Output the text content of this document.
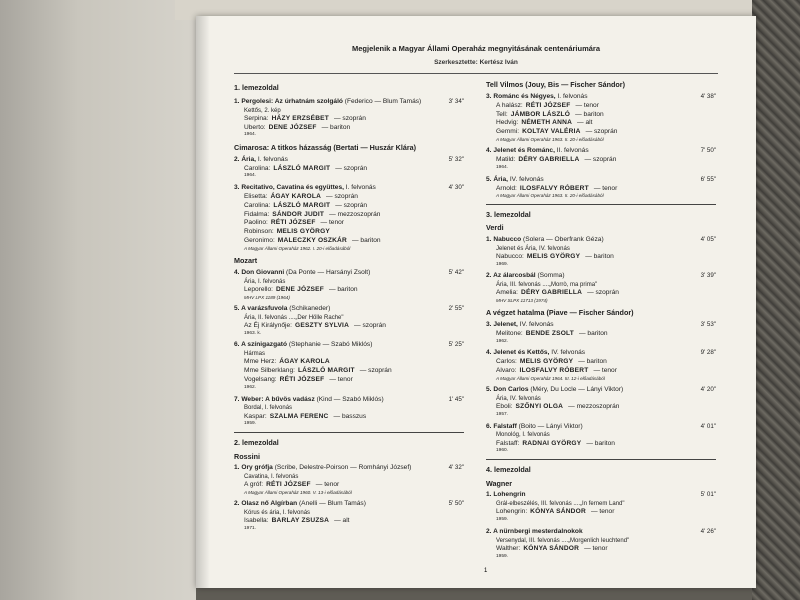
Megjelenik a Magyar Állami Operaház megnyitásának centenáriumára
Szerkesztette: Kertész Iván
1. lemezoldal
1. Pergolesi: Az úrhatnám szolgáló (Federico — Blum Tamás)	3' 34"
Kettős, 2. kép
Serpina: HÁZY ERZSÉBET — szoprán
Uberto: DENE JÓZSEF — bariton
1964.
Cimarosa: A titkos házasság (Bertati — Huszár Klára)
2. Ária, I. felvonás	5' 32"
Carolina: LÁSZLÓ MARGIT — szoprán
1964.
3. Recitativo, Cavatina és együttes, I. felvonás	4' 30"
Elisetta: ÁGAY KAROLA — szoprán
Carolina: LÁSZLÓ MARGIT — szoprán
Fidalma: SÁNDOR JUDIT — mezzoszoprán
Paolino: RÉTI JÓZSEF — tenor
Robinson: MELIS GYÖRGY
Geronimo: MALECZKY OSZKÁR — bariton
A Magyar Állami Operaház 1962. I. 20-i előadásából
Mozart
4. Don Giovanni (Da Ponte — Harsányi Zsolt)	5' 42"
Ária, I. felvonás
Leporello: DENE JÓZSEF — bariton
MHV LPX 1189 (1964)
5. A varázsfuvola (Schikaneder)	2' 55"
Ária, II. felvonás ....„Der Hölle Rache"
Az Éj Királynője: GESZTY SYLVIA — szoprán
1963. k.
6. A színigazgató (Stephanie — Szabó Miklós)	5' 25"
Hármas
Mme Herz: ÁGAY KAROLA
Mme Silberklang: LÁSZLÓ MARGIT — szoprán
Vogelsang: RÉTI JÓZSEF — tenor
1962.
7. Weber: A bűvös vadász (Kind — Szabó Miklós)	1' 45"
Bordal, I. felvonás
Kaspar: SZALMA FERENC — basszus
1959.
2. lemezoldal
Rossini
1. Ory grófja (Scribe, Delestre-Poirson — Romhányi József)	4' 32"
Cavatina, I. felvonás
A gróf: RÉTI JÓZSEF — tenor
A Magyar Állami Operaház 1960. V. 13-i előadásából
2. Olasz nő Algírban (Anelli — Blum Tamás)	5' 50"
Kórus és ária, I. felvonás
Isabella: BARLAY ZSUZSA — alt
1971.
Tell Vilmos (Jouy, Bis — Fischer Sándor)
3. Románc és Négyes, I. felvonás	4' 38"
A halász: RÉTI JÓZSEF — tenor
Tell: JÁMBOR LÁSZLÓ — bariton
Hedvig: NÉMETH ANNA — alt
Gemmi: KOLTAY VALÉRIA — szoprán
A Magyar Állami Operaház 1963. II. 20-i előadásából
4. Jelenet és Románc, II. felvonás	7' 50"
Matild: DÉRY GABRIELLA — szoprán
1964.
5. Ária, IV. felvonás	6' 55"
Arnold: ILOSFALVY RÓBERT — tenor
A Magyar Állami Operaház 1963. II. 20-i előadásából
3. lemezoldal
Verdi
1. Nabucco (Solera — Oberfrank Géza)	4' 05"
Jelenet és Ária, IV. felvonás
Nabucco: MELIS GYÖRGY — bariton
1969.
2. Az álarcosbál (Somma)	3' 39"
Ária, III. felvonás ....„Morrò, ma prima"
Amelia: DÉRY GABRIELLA — szoprán
MHV SLPX 11713 (1974)
A végzet hatalma (Piave — Fischer Sándor)
3. Jelenet, IV. felvonás	3' 53"
Melitone: BENDE ZSOLT — bariton
1962.
4. Jelenet és Kettős, IV. felvonás	9' 28"
Carlos: MELIS GYÖRGY — bariton
Alvaro: ILOSFALVY RÓBERT — tenor
A Magyar Állami Operaház 1964. III. 12-i előadásából
5. Don Carlos (Méry, Du Locle — Lányi Viktor)	4' 20"
Ária, IV. felvonás
Eboli: SZŐNYI OLGA — mezzoszoprán
1957.
6. Falstaff (Boito — Lányi Viktor)	4' 01"
Monológ, I. felvonás
Falstaff: RADNAI GYÖRGY — bariton
1960.
4. lemezoldal
Wagner
1. Lohengrin	5' 01"
Grál-elbeszélés, III. felvonás ....„In fernem Land"
Lohengrin: KÓNYA SÁNDOR — tenor
1959.
2. A nürnbergi mesterdalnokok	4' 26"
Versenydal, III. felvonás ....„Morgenlich leuchtend"
Walther: KÓNYA SÁNDOR — tenor
1959.
1
